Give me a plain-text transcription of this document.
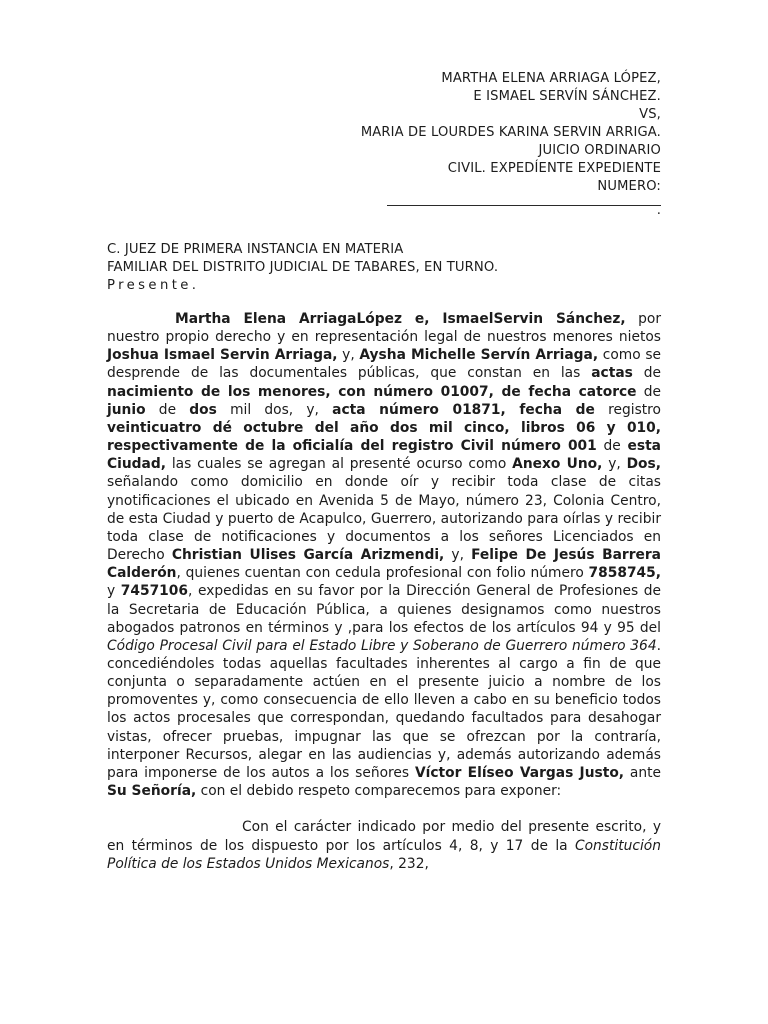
MARTHA ELENA ARRIAGA LÓPEZ,
E ISMAEL SERVÍN SÁNCHEZ.
VS,
MARIA DE LOURDES KARINA SERVIN ARRIGA.
JUICIO ORDINARIO
CIVIL. EXPEDÍENTE EXPEDIENTE
NUMERO:
.
C. JUEZ DE PRIMERA INSTANCIA EN MATERIA
FAMILIAR DEL DISTRITO JUDICIAL DE TABARES, EN TURNO.
Presente.

Martha Elena ArriagaLópez e, IsmaelServin Sánchez, por nuestro propio derecho y en representación legal de nuestros menores nietos Joshua Ismael Servin Arriaga, y, Aysha Michelle Servín Arriaga, como se desprende de las documentales públicas, que constan en las actas de nacimiento de los menores, con número 01007, de fecha catorce de junio de dos mil dos, y, acta número 01871, fecha de registro veinticuatro dé octubre del año dos mil cinco, libros 06 y 010, respectivamente de la oficialía del registro Civil número 001 de esta Ciudad, las cuales se agregan al presenté ocurso como Anexo Uno, y, Dos, señalando como domicilio en donde oír y recibir toda clase de citas ynotificaciones el ubicado en Avenida 5 de Mayo, número 23, Colonia Centro, de esta Ciudad y puerto de Acapulco, Guerrero, autorizando para oírlas y recibir toda clase de notificaciones y documentos a los señores Licenciados en Derecho Christian Ulises García Arizmendi, y, Felipe De Jesús Barrera Calderón, quienes cuentan con cedula profesional con folio número 7858745, y 7457106, expedidas en su favor por la Dirección General de Profesiones de la Secretaria de Educación Pública, a quienes designamos como nuestros abogados patronos en términos y ,para los efectos de los artículos 94 y 95 del Código Procesal Civil para el Estado Libre y Soberano de Guerrero número 364. concediéndoles todas aquellas facultades inherentes al cargo a fin de que conjunta o separadamente actúen en el presente juicio a nombre de los promoventes y, como consecuencia de ello lleven a cabo en su beneficio todos los actos procesales que correspondan, quedando facultados para desahogar vistas, ofrecer pruebas, impugnar las que se ofrezcan por la contraría, interponer Recursos, alegar en las audiencias y, además autorizando además para imponerse de los autos a los señores Víctor Elíseo Vargas Justo, ante Su Señoría, con el debido respeto comparecemos para exponer:

Con el carácter indicado por medio del presente escrito, y en términos de los dispuesto por los artículos 4, 8, y 17 de la Constitución Política de los Estados Unidos Mexicanos, 232,
